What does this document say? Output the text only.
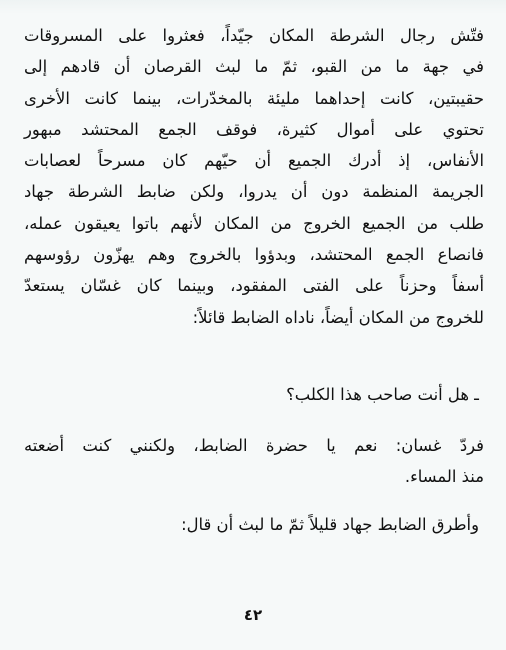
فتّش رجال الشرطة المكان جيّداً، فعثروا على المسروقات
في جهة ما من القبو، ثمّ ما لبث القرصان أن قادهم إلى
حقيبتين، كانت إحداهما مليئة بالمخدّرات، بينما كانت الأخرى
تحتوي على أموال كثيرة، فوقف الجمع المحتشد مبهور
الأنفاس، إذ أدرك الجميع أن حيّهم كان مسرحاً لعصابات
الجريمة المنظمة دون أن يدروا، ولكن ضابط الشرطة جهاد
طلب من الجميع الخروج من المكان لأنهم باتوا يعيقون عمله،
فانصاع الجمع المحتشد، وبدؤوا بالخروج وهم يهزّون رؤوسهم
أسفاً وحزناً على الفتى المفقود، وبينما كان غسّان يستعدّ
للخروج من المكان أيضاً، ناداه الضابط قائلاً:
ـ هل أنت صاحب هذا الكلب؟
فردّ غسان: نعم يا حضرة الضابط، ولكنني كنت أضعته
منذ المساء.
وأطرق الضابط جهاد قليلاً ثمّ ما لبث أن قال:
٤٢
